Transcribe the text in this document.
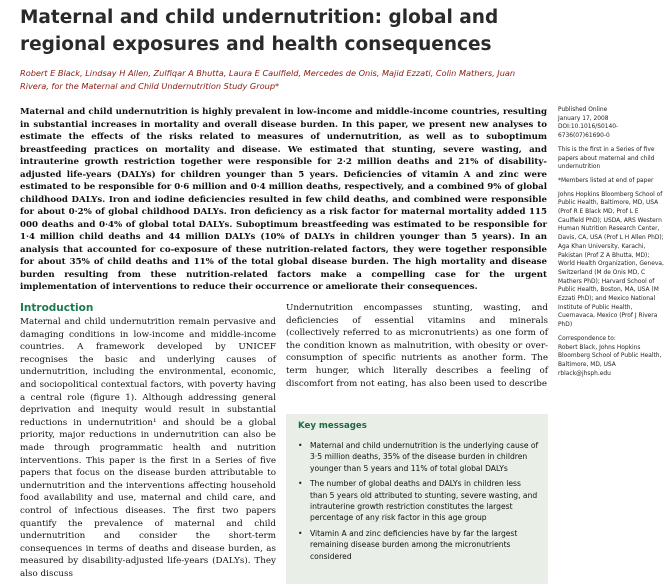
Maternal and child undernutrition: global and regional exposures and health consequences
Robert E Black, Lindsay H Allen, Zulfiqar A Bhutta, Laura E Caulfield, Mercedes de Onis, Majid Ezzati, Colin Mathers, Juan Rivera, for the Maternal and Child Undernutrition Study Group*
Maternal and child undernutrition is highly prevalent in low-income and middle-income countries, resulting in substantial increases in mortality and overall disease burden. In this paper, we present new analyses to estimate the effects of the risks related to measures of undernutrition, as well as to suboptimum breastfeeding practices on mortality and disease. We estimated that stunting, severe wasting, and intrauterine growth restriction together were responsible for 2·2 million deaths and 21% of disability-adjusted life-years (DALYs) for children younger than 5 years. Deficiencies of vitamin A and zinc were estimated to be responsible for 0·6 million and 0·4 million deaths, respectively, and a combined 9% of global childhood DALYs. Iron and iodine deficiencies resulted in few child deaths, and combined were responsible for about 0·2% of global childhood DALYs. Iron deficiency as a risk factor for maternal mortality added 115 000 deaths and 0·4% of global total DALYs. Suboptimum breastfeeding was estimated to be responsible for 1·4 million child deaths and 44 million DALYs (10% of DALYs in children younger than 5 years). In an analysis that accounted for co-exposure of these nutrition-related factors, they were together responsible for about 35% of child deaths and 11% of the total global disease burden. The high mortality and disease burden resulting from these nutrition-related factors make a compelling case for the urgent implementation of interventions to reduce their occurrence or ameliorate their consequences.

Published Online

January 17, 2008

DOI:10.1016/S0140-6736(07)61690-0

This is the first in a Series of five papers about maternal and child undernutrition

*Members listed at end of paper

Johns Hopkins Bloomberg School of Public Health, Baltimore, MD, USA (Prof R E Black MD, Prof L E Caulfield PhD); USDA, ARS Western Human Nutrition Research Center, Davis, CA, USA (Prof L H Allen PhD);

Aga Khan University, Karachi, Pakistan (Prof Z A Bhutta, MD); World Health Organization, Geneva, Switzerland (M de Onis MD, C Mathers PhD); Harvard School of Public Health, Boston, MA, USA (M Ezzati PhD); and Mexico National Institute of Public Health, Cuernavaca, Mexico (Prof J Rivera PhD)

Correspondence to:

Robert Black, Johns Hopkins Bloomberg School of Public Health, Baltimore, MD, USA

rblack@jhsph.edu

Introduction
Maternal and child undernutrition remain pervasive and damaging conditions in low-income and middle-income countries. A framework developed by UNICEF recognises the basic and underlying causes of undernutrition, including the environmental, economic, and sociopolitical contextual factors, with poverty having a central role (figure 1). Although addressing general deprivation and inequity would result in substantial reductions in undernutrition¹ and should be a global priority, major reductions in undernutrition can also be made through programmatic health and nutrition interventions. This paper is the first in a Series of five papers that focus on the disease burden attributable to undernutrition and the interventions affecting household food availability and use, maternal and child care, and control of infectious diseases. The first two papers quantify the prevalence of maternal and child undernutrition and consider the short-term consequences in terms of deaths and disease burden, as measured by disability-adjusted life-years (DALYs). They also discuss
Undernutrition encompasses stunting, wasting, and deficiencies of essential vitamins and minerals (collectively referred to as micronutrients) as one form of the condition known as malnutrition, with obesity or over-consumption of specific nutrients as another form. The term hunger, which literally describes a feeling of discomfort from not eating, has also been used to describe
Key messages
• Maternal and child undernutrition is the underlying cause of 3·5 million deaths, 35% of the disease burden in children younger than 5 years and 11% of total global DALYs
• The number of global deaths and DALYs in children less than 5 years old attributed to stunting, severe wasting, and intrauterine growth restriction constitutes the largest percentage of any risk factor in this age group
• Vitamin A and zinc deficiencies have by far the largest remaining disease burden among the micronutrients considered
